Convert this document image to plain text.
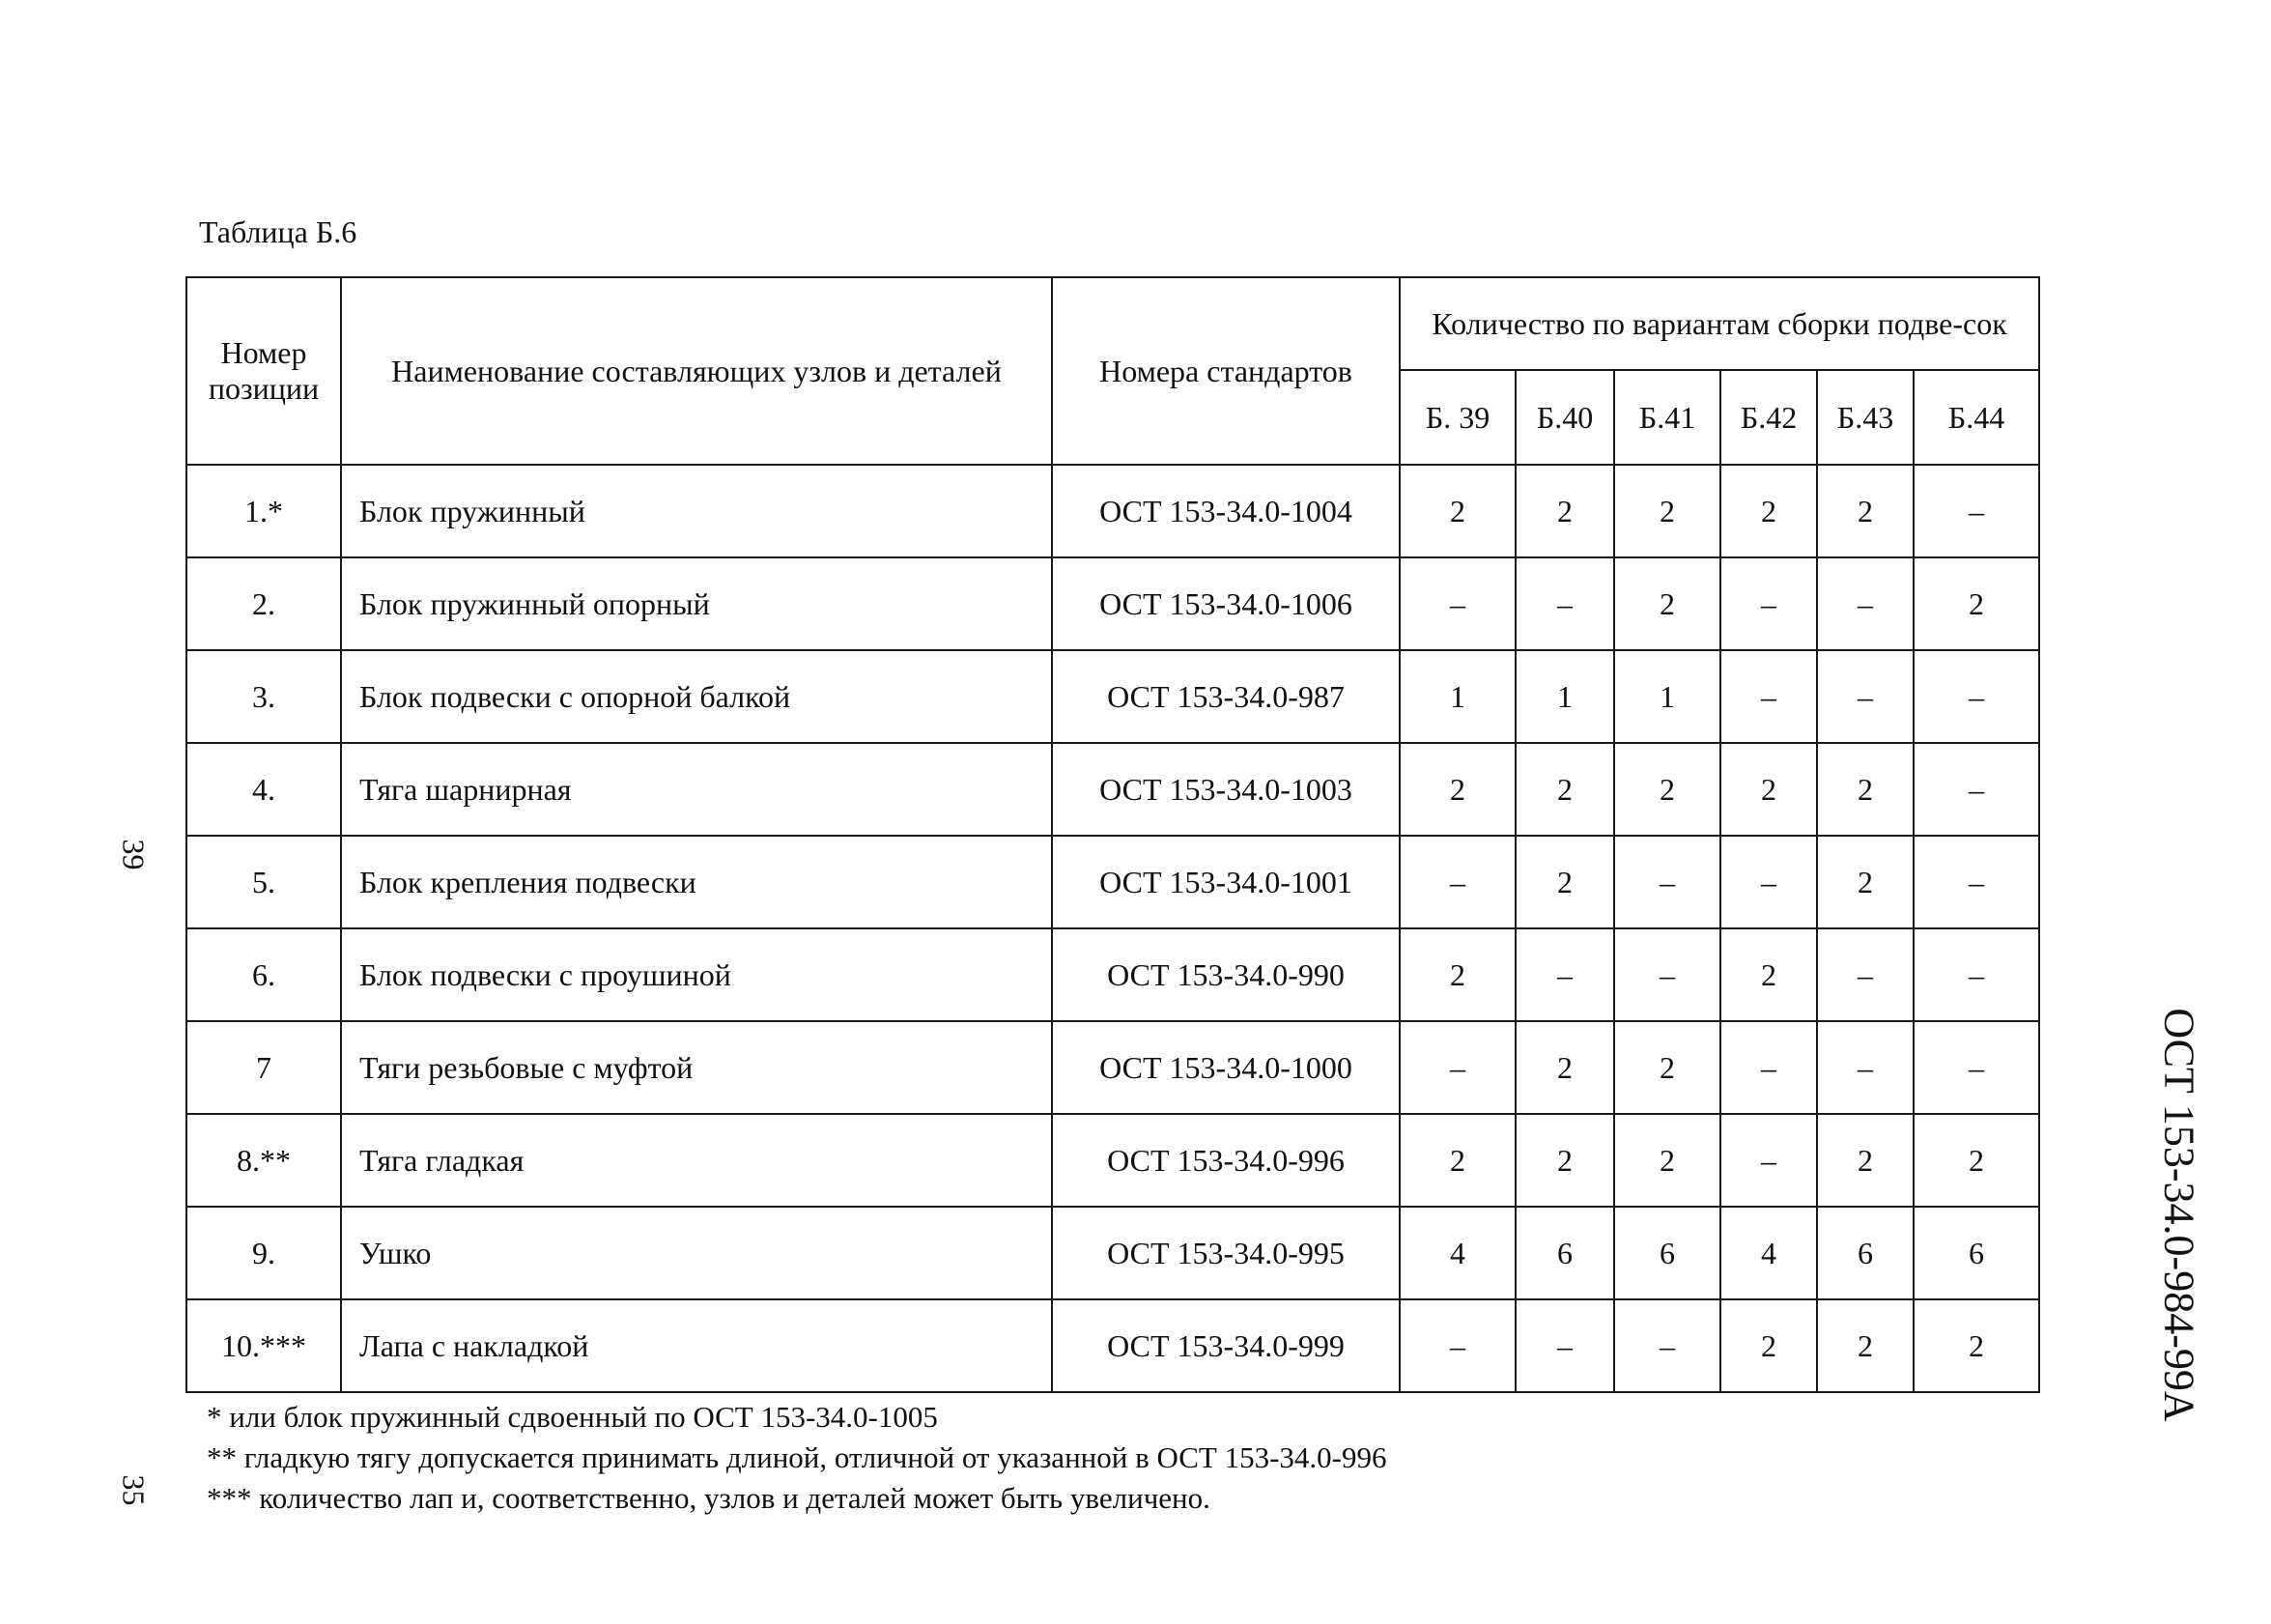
Таблица Б.6
Номер позиции	Наименование составляющих узлов и деталей	Номера стандартов	Количество по вариантам сборки подве-сок					
			Б. 39	Б.40	Б.41	Б.42	Б.43	Б.44
1.*	Блок пружинный	ОСТ 153-34.0-1004	2	2	2	2	2	–
2.	Блок пружинный опорный	ОСТ 153-34.0-1006	–	–	2	–	–	2
3.	Блок подвески с опорной балкой	ОСТ 153-34.0-987	1	1	1	–	–	–
4.	Тяга шарнирная	ОСТ 153-34.0-1003	2	2	2	2	2	–
5.	Блок крепления подвески	ОСТ 153-34.0-1001	–	2	–	–	2	–
6.	Блок подвески с проушиной	ОСТ 153-34.0-990	2	–	–	2	–	–
7	Тяги резьбовые с муфтой	ОСТ 153-34.0-1000	–	2	2	–	–	–
8.**	Тяга гладкая	ОСТ 153-34.0-996	2	2	2	–	2	2
9.	Ушко	ОСТ 153-34.0-995	4	6	6	4	6	6
10.***	Лапа с накладкой	ОСТ 153-34.0-999	–	–	–	2	2	2
* или блок пружинный сдвоенный по ОСТ 153-34.0-1005
** гладкую тягу допускается принимать длиной, отличной от указанной в ОСТ 153-34.0-996
*** количество лап и, соответственно, узлов и деталей может быть увеличено.
39
35
ОСТ 153-34.0-984-99А
